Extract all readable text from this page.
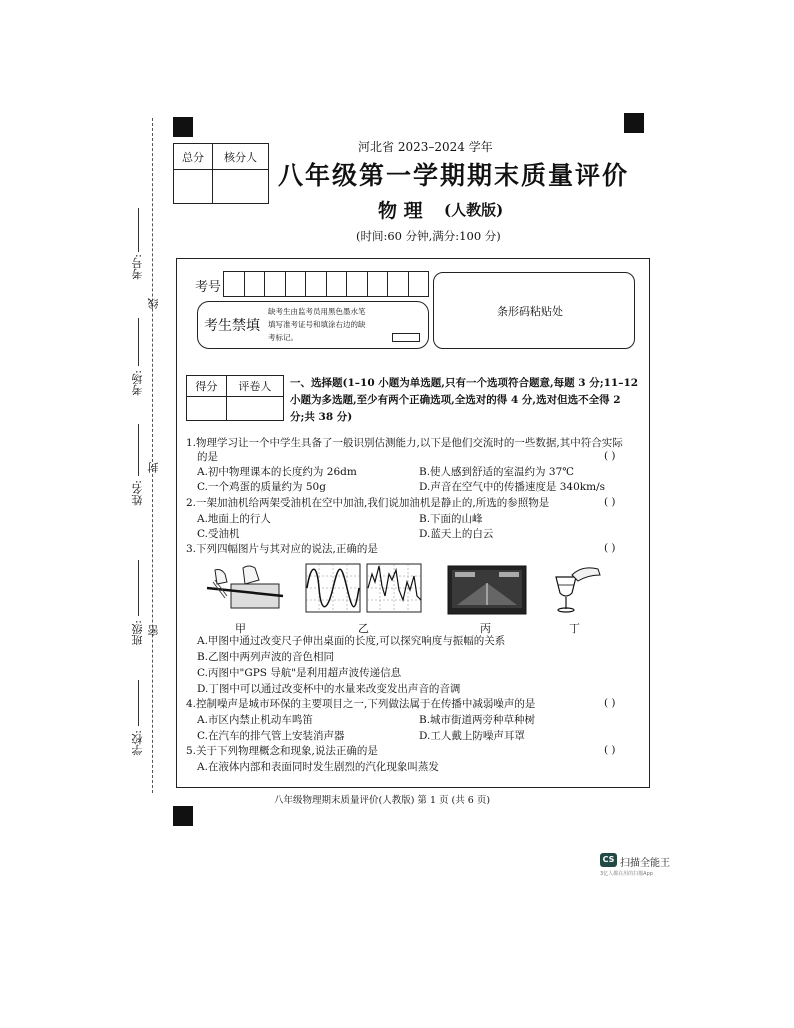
总分	核分人

河北省 2023–2024 学年
八年级第一学期期末质量评价
物 理 (人教版)
(时间:60 分钟,满分:100 分)
考号:
线
考场:
封
姓名:
班级: 密
学校:
考号
考生禁填
缺考生由监考员用黑色墨水笔
填写准考证号和填涂右边的缺
考标记。
条形码粘贴处
得分	评卷人
	一、选择题(1–10 小题为单选题,只有一个选项符合题意,每题 3 分;11–12
小题为多选题,至少有两个正确选项,全选对的得 4 分,选对但选不全得 2
分;共 38 分)
1.物理学习让一个中学生具备了一般识别估测能力,以下是他们交流时的一些数据,其中符合实际
的是	( )
A.初中物理课本的长度约为 26dm	B.使人感到舒适的室温约为 37℃
C.一个鸡蛋的质量约为 50g	D.声音在空气中的传播速度是 340km/s
2.一架加油机给两架受油机在空中加油,我们说加油机是静止的,所选的参照物是	( )
A.地面上的行人	B.下面的山峰
C.受油机	D.蓝天上的白云
3.下列四幅图片与其对应的说法,正确的是	( )
甲	乙	丙	丁
A.甲图中通过改变尺子伸出桌面的长度,可以探究响度与振幅的关系
B.乙图中两列声波的音色相同
C.丙图中"GPS 导航"是利用超声波传递信息
D.丁图中可以通过改变杯中的水量来改变发出声音的音调
4.控制噪声是城市环保的主要项目之一,下列做法属于在传播中减弱噪声的是	( )
A.市区内禁止机动车鸣笛	B.城市街道两旁种草种树
C.在汽车的排气管上安装消声器	D.工人戴上防噪声耳罩
5.关于下列物理概念和现象,说法正确的是	( )
A.在液体内部和表面同时发生剧烈的汽化现象叫蒸发
八年级物理期末质量评价(人教版) 第 1 页 (共 6 页)
CS 扫描全能王
3亿人都在用的扫描App
